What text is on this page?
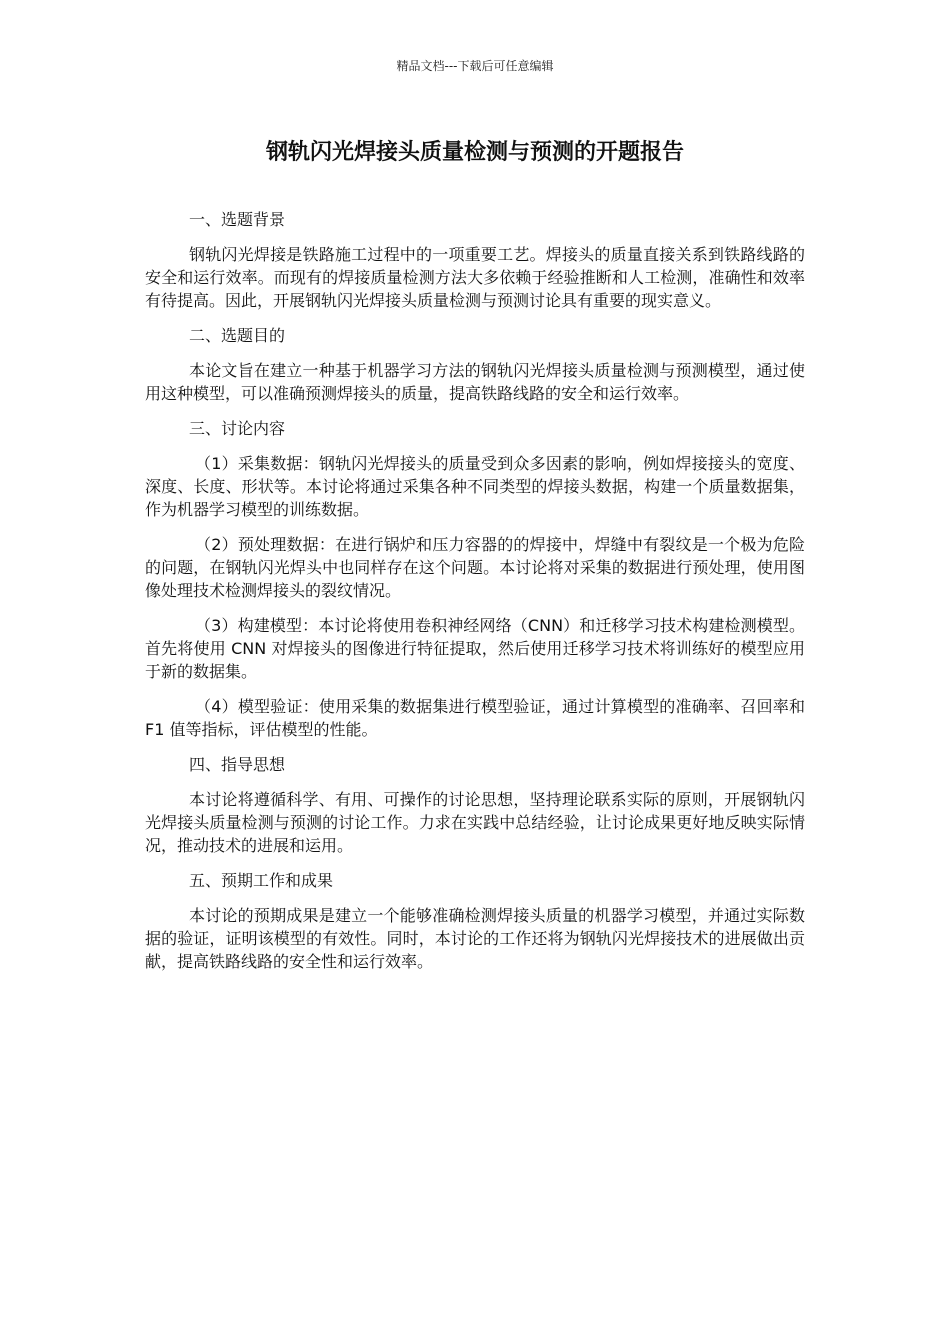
精品文档---下载后可任意编辑
钢轨闪光焊接头质量检测与预测的开题报告

一、选题背景

钢轨闪光焊接是铁路施工过程中的一项重要工艺。焊接头的质量直接关系到铁路线路的安全和运行效率。而现有的焊接质量检测方法大多依赖于经验推断和人工检测，准确性和效率有待提高。因此，开展钢轨闪光焊接头质量检测与预测讨论具有重要的现实意义。

二、选题目的

本论文旨在建立一种基于机器学习方法的钢轨闪光焊接头质量检测与预测模型，通过使用这种模型，可以准确预测焊接头的质量，提高铁路线路的安全和运行效率。

三、讨论内容

（1）采集数据：钢轨闪光焊接头的质量受到众多因素的影响，例如焊接接头的宽度、深度、长度、形状等。本讨论将通过采集各种不同类型的焊接头数据，构建一个质量数据集，作为机器学习模型的训练数据。

（2）预处理数据：在进行锅炉和压力容器的的焊接中，焊缝中有裂纹是一个极为危险的问题，在钢轨闪光焊头中也同样存在这个问题。本讨论将对采集的数据进行预处理，使用图像处理技术检测焊接头的裂纹情况。

（3）构建模型：本讨论将使用卷积神经网络（CNN）和迁移学习技术构建检测模型。首先将使用 CNN 对焊接头的图像进行特征提取，然后使用迁移学习技术将训练好的模型应用于新的数据集。

（4）模型验证：使用采集的数据集进行模型验证，通过计算模型的准确率、召回率和 F1 值等指标，评估模型的性能。

四、指导思想

本讨论将遵循科学、有用、可操作的讨论思想，坚持理论联系实际的原则，开展钢轨闪光焊接头质量检测与预测的讨论工作。力求在实践中总结经验，让讨论成果更好地反映实际情况，推动技术的进展和运用。

五、预期工作和成果

本讨论的预期成果是建立一个能够准确检测焊接头质量的机器学习模型，并通过实际数据的验证，证明该模型的有效性。同时，本讨论的工作还将为钢轨闪光焊接技术的进展做出贡献，提高铁路线路的安全性和运行效率。
